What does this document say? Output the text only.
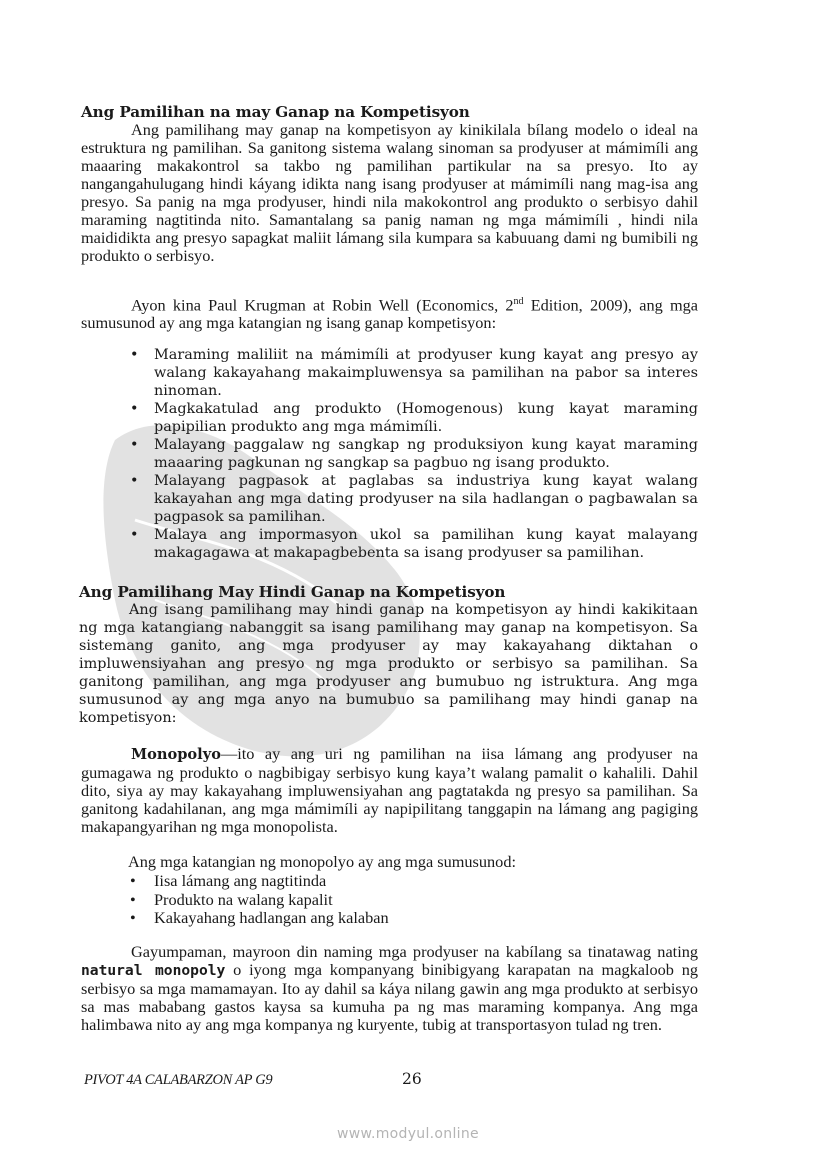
Ang Pamilihan na may Ganap na Kompetisyon

Ang pamilihang may ganap na kompetisyon ay kinikilala bílang modelo o ideal na estruktura ng pamilihan. Sa ganitong sistema walang sinoman sa prodyuser at mámimíli ang maaaring makakontrol sa takbo ng pamilihan partikular na sa presyo. Ito ay nangangahulugang hindi káyang idikta nang isang prodyuser at mámimíli nang mag-isa ang presyo. Sa panig na mga prodyuser, hindi nila makokontrol ang produkto o serbisyo dahil maraming nagtitinda nito. Samantalang sa panig naman ng mga mámimíli , hindi nila maididikta ang presyo sapagkat maliit lámang sila kumpara sa kabuuang dami ng bumibili ng produkto o serbisyo.

Ayon kina Paul Krugman at Robin Well (Economics, 2nd Edition, 2009), ang mga sumusunod ay ang mga katangian ng isang ganap kompetisyon:

• Maraming maliliit na mámimíli at prodyuser kung kayat ang presyo ay walang kakayahang makaimpluwensya sa pamilihan na pabor sa interes ninoman.
• Magkakatulad ang produkto (Homogenous) kung kayat maraming papipilian produkto ang mga mámimíli.
• Malayang paggalaw ng sangkap ng produksiyon kung kayat maraming maaaring pagkunan ng sangkap sa pagbuo ng isang produkto.
• Malayang pagpasok at paglabas sa industriya kung kayat walang kakayahan ang mga dating prodyuser na sila hadlangan o pagbawalan sa pagpasok sa pamilihan.
• Malaya ang impormasyon ukol sa pamilihan kung kayat malayang makagagawa at makapagbebenta sa isang prodyuser sa pamilihan.
Ang Pamilihang May Hindi Ganap na Kompetisyon

Ang isang pamilihang may hindi ganap na kompetisyon ay hindi kakikitaan ng mga katangiang nabanggit sa isang pamilihang may ganap na kompetisyon. Sa sistemang ganito, ang mga prodyuser ay may kakayahang diktahan o impluwensiyahan ang presyo ng mga produkto or serbisyo sa pamilihan. Sa ganitong pamilihan, ang mga prodyuser ang bumubuo ng istruktura. Ang mga sumusunod ay ang mga anyo na bumubuo sa pamilihang may hindi ganap na kompetisyon:

Monopolyo—ito ay ang uri ng pamilihan na iisa lámang ang prodyuser na gumagawa ng produkto o nagbibigay serbisyo kung kaya’t walang pamalit o kahalili. Dahil dito, siya ay may kakayahang impluwensiyahan ang pagtatakda ng presyo sa pamilihan. Sa ganitong kadahilanan, ang mga mámimíli ay napipilitang tanggapin na lámang ang pagiging makapangyarihan ng mga monopolista.

Ang mga katangian ng monopolyo ay ang mga sumusunod:
• Iisa lámang ang nagtitinda
• Produkto na walang kapalit
• Kakayahang hadlangan ang kalaban

Gayumpaman, mayroon din naming mga prodyuser na kabílang sa tinatawag nating natural monopoly o iyong mga kompanyang binibigyang karapatan na magkaloob ng serbisyo sa mga mamamayan. Ito ay dahil sa káya nilang gawin ang mga produkto at serbisyo sa mas mababang gastos kaysa sa kumuha pa ng mas maraming kompanya. Ang mga halimbawa nito ay ang mga kompanya ng kuryente, tubig at transportasyon tulad ng tren.

PIVOT 4A CALABARZON AP G9	26
www.modyul.online
